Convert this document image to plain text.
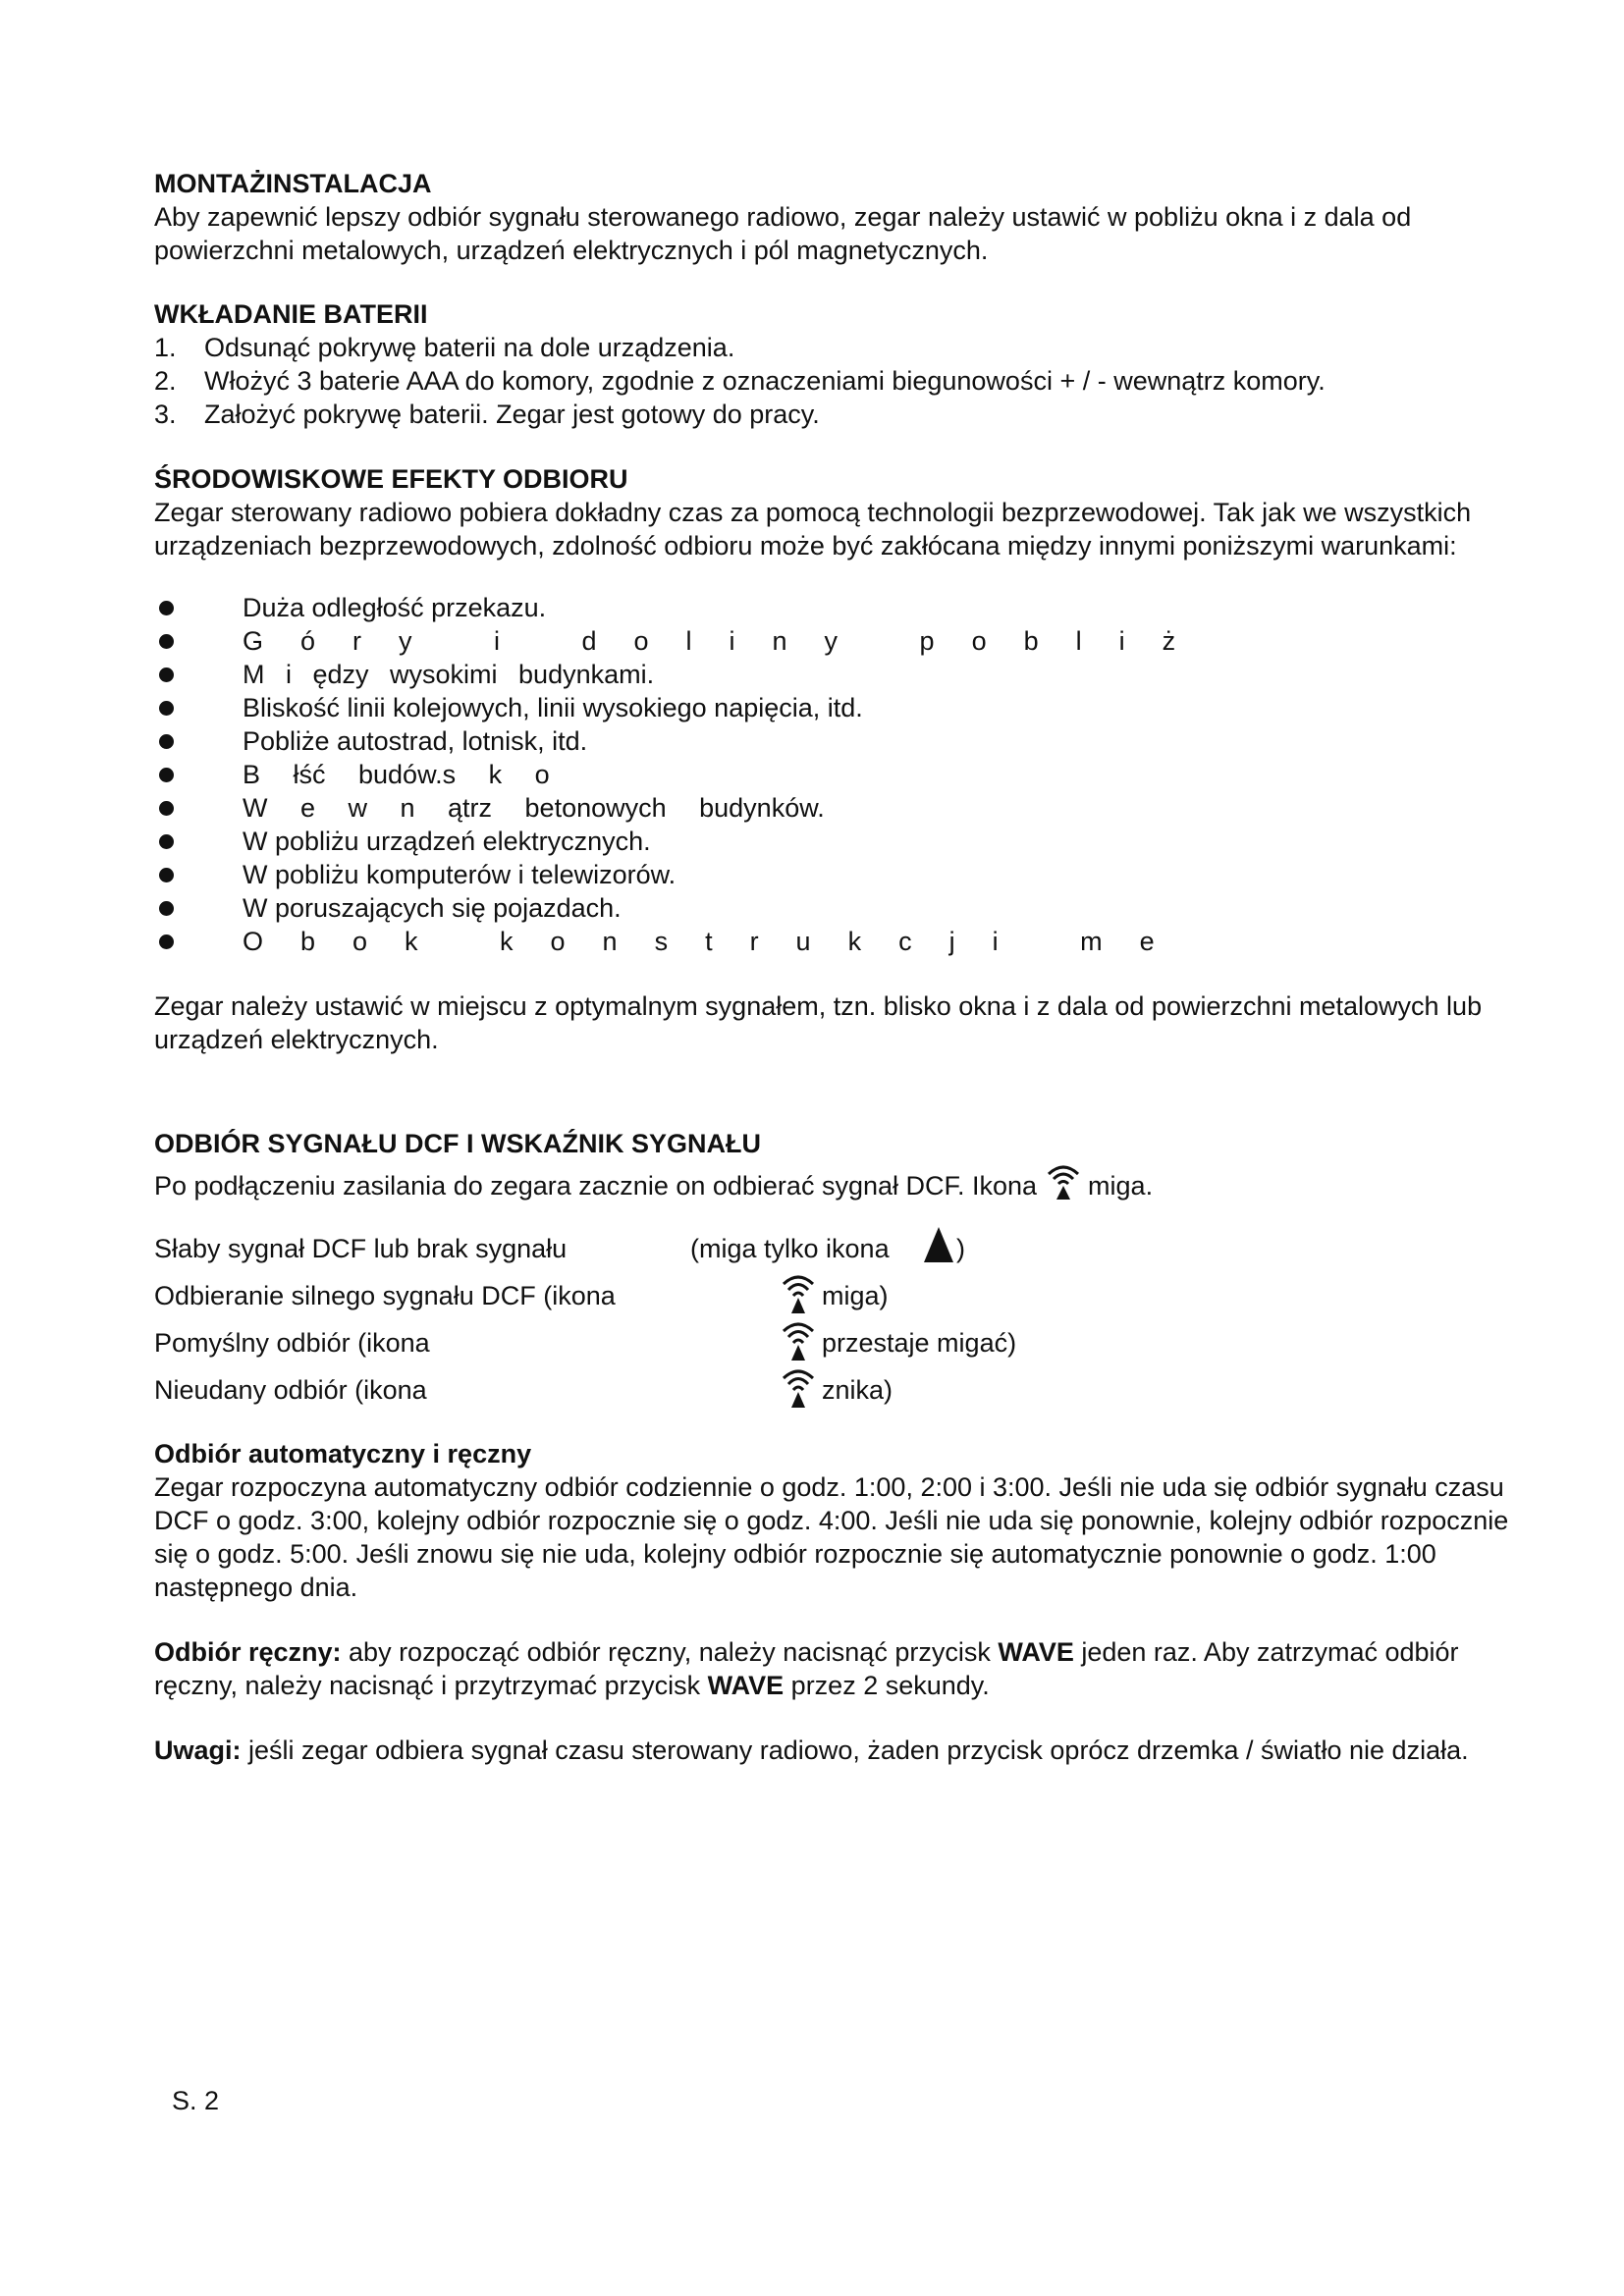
MONTAŻINSTALACJA

Aby zapewnić lepszy odbiór sygnału sterowanego radiowo, zegar należy ustawić w pobliżu okna i z dala od powierzchni metalowych, urządzeń elektrycznych i pól magnetycznych.

WKŁADANIE BATERII
1.	Odsunąć pokrywę baterii na dole urządzenia.
2.	Włożyć 3 baterie AAA do komory, zgodnie z oznaczeniami biegunowości + / - wewnątrz komory.
3.	Założyć pokrywę baterii. Zegar jest gotowy do pracy.
ŚRODOWISKOWE EFEKTY ODBIORU

Zegar sterowany radiowo pobiera dokładny czas za pomocą technologii bezprzewodowej. Tak jak we wszystkich urządzeniach bezprzewodowych, zdolność odbioru może być zakłócana między innymi poniższymi warunkami:

Duża odległość przekazu.
Góry i doliny pobliż
M i ędzy wysokimi budynkami.
Bliskość linii kolejowych, linii wysokiego napięcia, itd.
Pobliże autostrad, lotnisk, itd.
B łść budów.s k o
W e w n ątrz betonowych budynków.
W pobliżu urządzeń elektrycznych.
W pobliżu komputerów i telewizorów.
W poruszających się pojazdach.
Obok konstrukcji me

Zegar należy ustawić w miejscu z optymalnym sygnałem, tzn. blisko okna i z dala od powierzchni metalowych lub urządzeń elektrycznych.

ODBIÓR SYGNAŁU DCF I WSKAŹNIK SYGNAŁU
Po podłączeniu zasilania do zegara zacznie on odbierać sygnał DCF. Ikona miga.
Słaby sygnał DCF lub brak sygnału	(miga tylko ikona	)
Odbieranie silnego sygnału DCF (ikona	miga)
Pomyślny odbiór (ikona	przestaje migać)
Nieudany odbiór (ikona	znika)
Odbiór automatyczny i ręczny

Zegar rozpoczyna automatyczny odbiór codziennie o godz. 1:00, 2:00 i 3:00. Jeśli nie uda się odbiór sygnału czasu DCF o godz. 3:00, kolejny odbiór rozpocznie się o godz. 4:00. Jeśli nie uda się ponownie, kolejny odbiór rozpocznie się o godz. 5:00. Jeśli znowu się nie uda, kolejny odbiór rozpocznie się automatycznie ponownie o godz. 1:00 następnego dnia.

Odbiór ręczny: aby rozpocząć odbiór ręczny, należy nacisnąć przycisk WAVE jeden raz. Aby zatrzymać odbiór ręczny, należy nacisnąć i przytrzymać przycisk WAVE przez 2 sekundy.

Uwagi: jeśli zegar odbiera sygnał czasu sterowany radiowo, żaden przycisk oprócz drzemka / światło nie działa.

S. 2
